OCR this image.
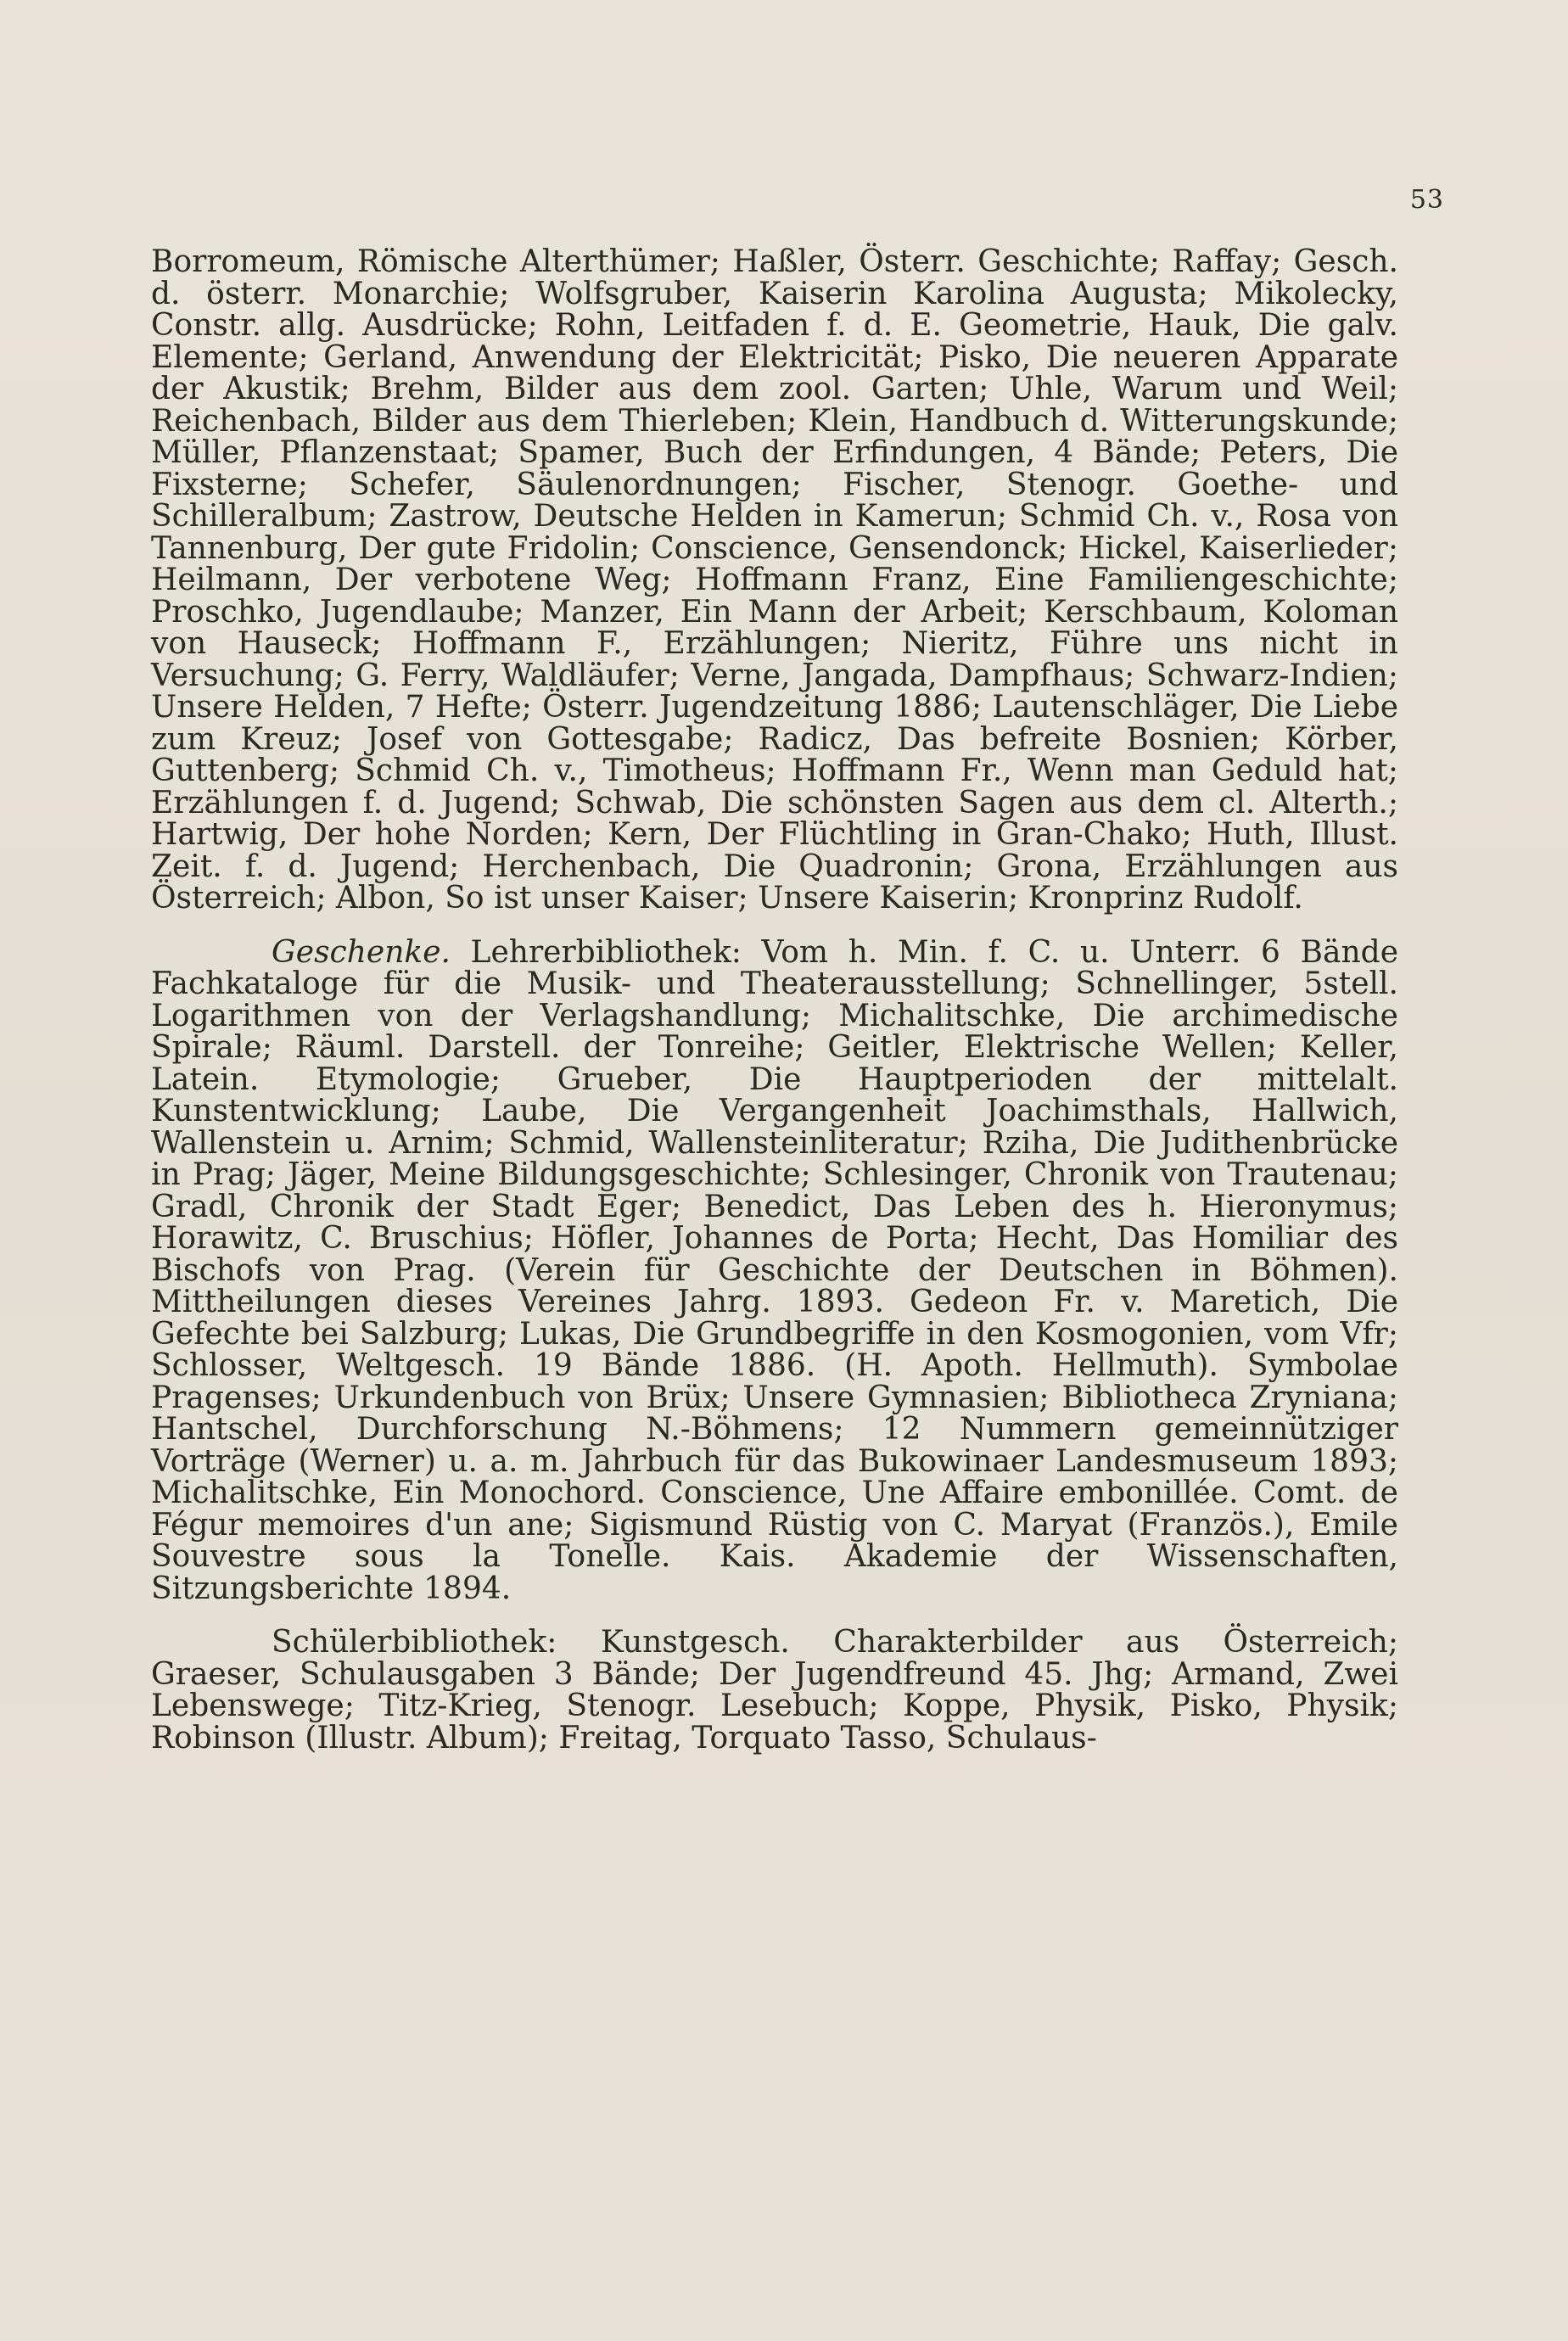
53

Borromeum, Römische Alterthümer; Haßler, Österr. Geschichte; Raffay; Gesch. d. österr. Monarchie; Wolfsgruber, Kaiserin Karolina Augusta; Mikolecky, Constr. allg. Ausdrücke; Rohn, Leitfaden f. d. E. Geometrie, Hauk, Die galv. Elemente; Gerland, Anwendung der Elektricität; Pisko, Die neueren Apparate der Akustik; Brehm, Bilder aus dem zool. Garten; Uhle, Warum und Weil; Reichenbach, Bilder aus dem Thierleben; Klein, Handbuch d. Witterungskunde; Müller, Pflanzenstaat; Spamer, Buch der Erfindungen, 4 Bände; Peters, Die Fixsterne; Schefer, Säulenordnungen; Fischer, Stenogr. Goethe- und Schilleralbum; Zastrow, Deutsche Helden in Kamerun; Schmid Ch. v., Rosa von Tannenburg, Der gute Fridolin; Conscience, Gensendonck; Hickel, Kaiserlieder; Heilmann, Der verbotene Weg; Hoffmann Franz, Eine Familiengeschichte; Proschko, Jugendlaube; Manzer, Ein Mann der Arbeit; Kerschbaum, Koloman von Hauseck; Hoffmann F., Erzählungen; Nieritz, Führe uns nicht in Versuchung; G. Ferry, Waldläufer; Verne, Jangada, Dampfhaus; Schwarz-Indien; Unsere Helden, 7 Hefte; Österr. Jugendzeitung 1886; Lautenschläger, Die Liebe zum Kreuz; Josef von Gottesgabe; Radicz, Das befreite Bosnien; Körber, Guttenberg; Schmid Ch. v., Timotheus; Hoffmann Fr., Wenn man Geduld hat; Erzählungen f. d. Jugend; Schwab, Die schönsten Sagen aus dem cl. Alterth.; Hartwig, Der hohe Norden; Kern, Der Flüchtling in Gran-Chako; Huth, Illust. Zeit. f. d. Jugend; Herchenbach, Die Quadronin; Grona, Erzählungen aus Österreich; Albon, So ist unser Kaiser; Unsere Kaiserin; Kronprinz Rudolf.

Geschenke. Lehrerbibliothek: Vom h. Min. f. C. u. Unterr. 6 Bände Fachkataloge für die Musik- und Theaterausstellung; Schnellinger, 5stell. Logarithmen von der Verlagshandlung; Michalitschke, Die archimedische Spirale; Räuml. Darstell. der Tonreihe; Geitler, Elektrische Wellen; Keller, Latein. Etymologie; Grueber, Die Hauptperioden der mittelalt. Kunstentwicklung; Laube, Die Vergangenheit Joachimsthals, Hallwich, Wallenstein u. Arnim; Schmid, Wallensteinliteratur; Rziha, Die Judithenbrücke in Prag; Jäger, Meine Bildungsgeschichte; Schlesinger, Chronik von Trautenau; Gradl, Chronik der Stadt Eger; Benedict, Das Leben des h. Hieronymus; Horawitz, C. Bruschius; Höfler, Johannes de Porta; Hecht, Das Homiliar des Bischofs von Prag. (Verein für Geschichte der Deutschen in Böhmen). Mittheilungen dieses Vereines Jahrg. 1893. Gedeon Fr. v. Maretich, Die Gefechte bei Salzburg; Lukas, Die Grundbegriffe in den Kosmogonien, vom Vfr; Schlosser, Weltgesch. 19 Bände 1886. (H. Apoth. Hellmuth). Symbolae Pragenses; Urkundenbuch von Brüx; Unsere Gymnasien; Bibliotheca Zryniana; Hantschel, Durchforschung N.-Böhmens; 12 Nummern gemeinnütziger Vorträge (Werner) u. a. m. Jahrbuch für das Bukowinaer Landesmuseum 1893; Michalitschke, Ein Monochord. Conscience, Une Affaire embonillée. Comt. de Fégur memoires d'un ane; Sigismund Rüstig von C. Maryat (Französ.), Emile Souvestre sous la Tonelle. Kais. Akademie der Wissenschaften, Sitzungsberichte 1894.

Schülerbibliothek: Kunstgesch. Charakterbilder aus Österreich; Graeser, Schulausgaben 3 Bände; Der Jugendfreund 45. Jhg; Armand, Zwei Lebenswege; Titz-Krieg, Stenogr. Lesebuch; Koppe, Physik, Pisko, Physik; Robinson (Illustr. Album); Freitag, Torquato Tasso, Schulaus-
